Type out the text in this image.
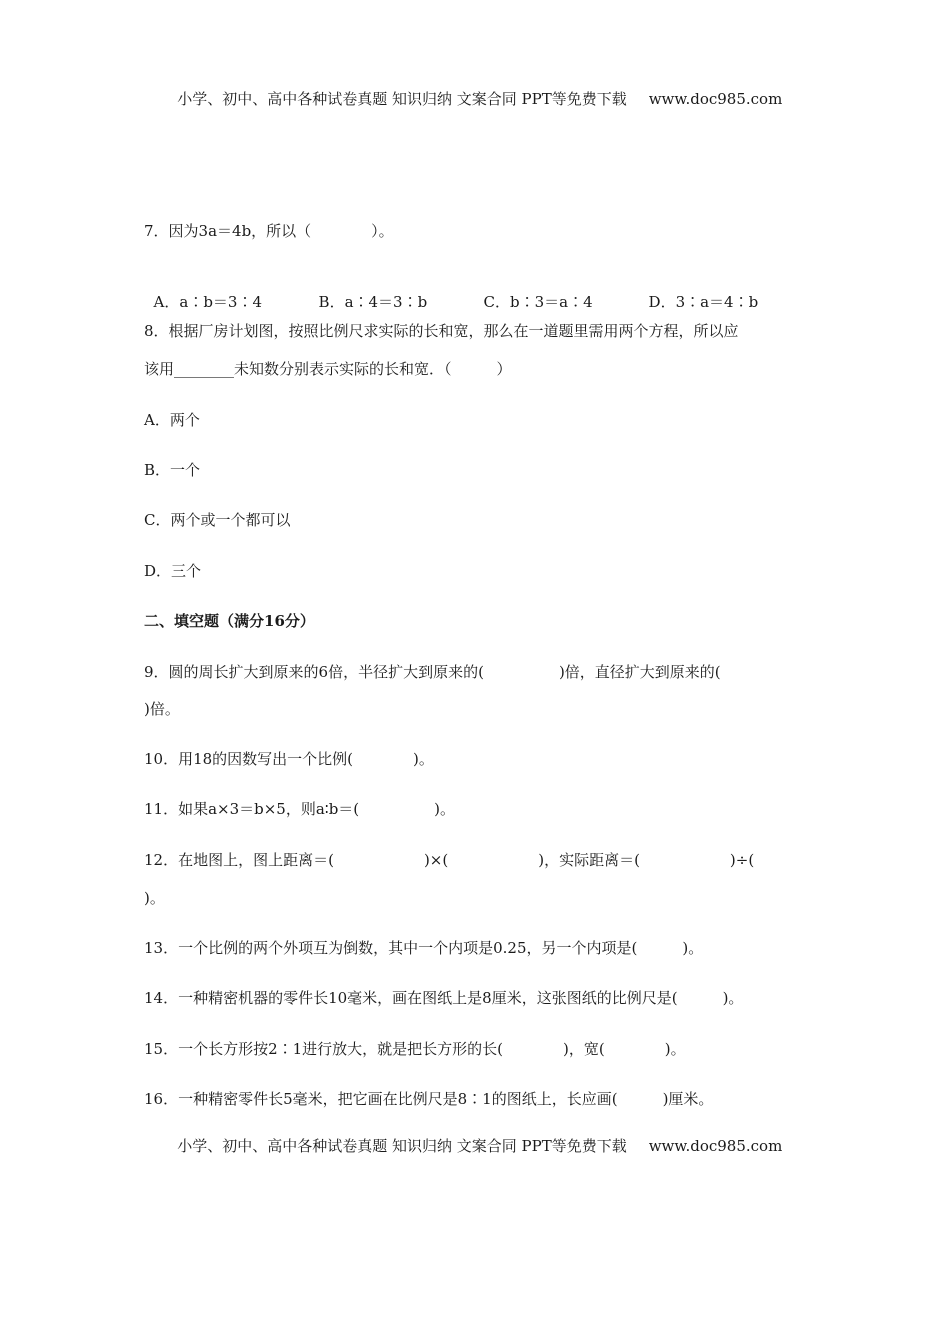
小学、初中、高中各种试卷真题 知识归纳 文案合同 PPT等免费下载 www.doc985.com

7．因为3a＝4b，所以（　　　　）。

A．a∶b＝3∶4	B．a∶4＝3∶b	C．b∶3＝a∶4	D．3∶a＝4∶b

8．根据厂房计划图，按照比例尺求实际的长和宽，那么在一道题里需用两个方程，所以应
该用________未知数分别表示实际的长和宽．（　　　）
A．两个
B．一个
C．两个或一个都可以
D．三个
二、填空题（满分16分）
9．圆的周长扩大到原来的6倍，半径扩大到原来的(　　　　　)倍，直径扩大到原来的(
)倍。
10．用18的因数写出一个比例(　　　　)。
11．如果a×3＝b×5，则a∶b＝(　　　　　)。
12．在地图上，图上距离＝(　　　　　　)×(　　　　　　)，实际距离＝(　　　　　　)÷(
)。
13．一个比例的两个外项互为倒数，其中一个内项是0.25，另一个内项是(　　　)。
14．一种精密机器的零件长10毫米，画在图纸上是8厘米，这张图纸的比例尺是(　　　)。
15．一个长方形按2∶1进行放大，就是把长方形的长(　　　　)，宽(　　　　)。
16．一种精密零件长5毫米，把它画在比例尺是8∶1的图纸上，长应画(　　　)厘米。

小学、初中、高中各种试卷真题 知识归纳 文案合同 PPT等免费下载 www.doc985.com
